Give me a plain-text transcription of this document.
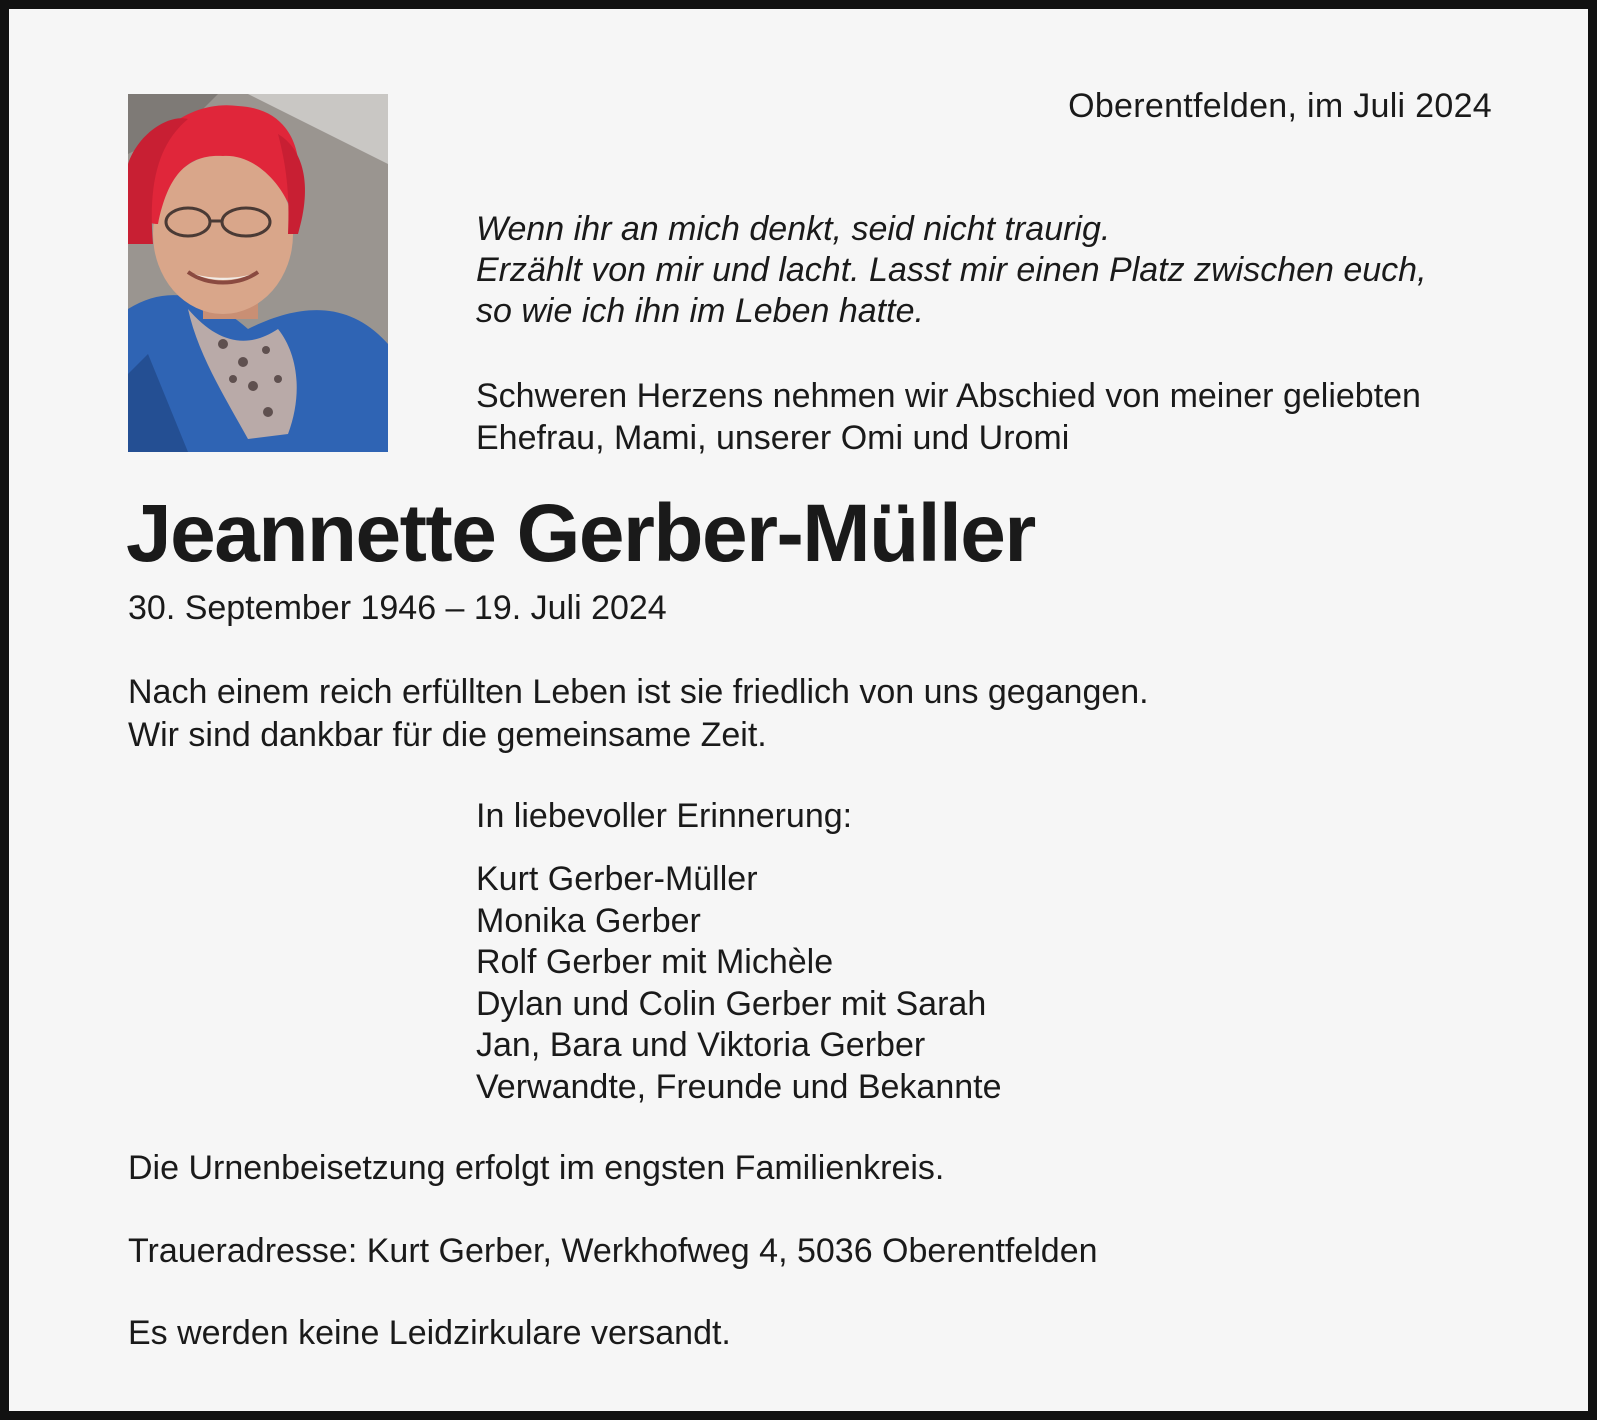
Oberentfelden, im Juli 2024
Wenn ihr an mich denkt, seid nicht traurig.
Erzählt von mir und lacht. Lasst mir einen Platz zwischen euch,
so wie ich ihn im Leben hatte.
Schweren Herzens nehmen wir Abschied von meiner geliebten
Ehefrau, Mami, unserer Omi und Uromi
Jeannette Gerber-Müller
30. September 1946 – 19. Juli 2024
Nach einem reich erfüllten Leben ist sie friedlich von uns gegangen.
Wir sind dankbar für die gemeinsame Zeit.
In liebevoller Erinnerung:
Kurt Gerber-Müller
Monika Gerber
Rolf Gerber mit Michèle
Dylan und Colin Gerber mit Sarah
Jan, Bara und Viktoria Gerber
Verwandte, Freunde und Bekannte
Die Urnenbeisetzung erfolgt im engsten Familienkreis.
Traueradresse: Kurt Gerber, Werkhofweg 4, 5036 Oberentfelden
Es werden keine Leidzirkulare versandt.
